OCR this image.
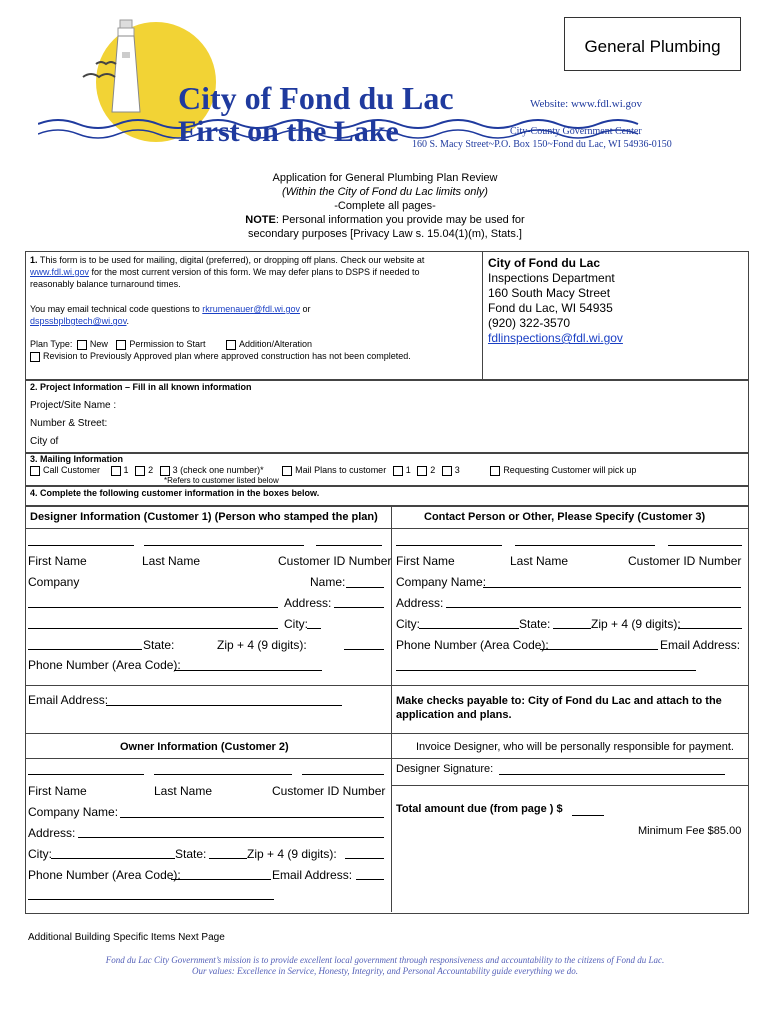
City of Fond du Lac
First on the Lake
Website: www.fdl.wi.gov
City-County Government Center
160 S. Macy Street~P.O. Box 150~Fond du Lac, WI 54936-0150
General Plumbing
Application for General Plumbing Plan Review
(Within the City of Fond du Lac limits only)
-Complete all pages-
NOTE: Personal information you provide may be used for
secondary purposes [Privacy Law s. 15.04(1)(m), Stats.]
1. This form is to be used for mailing, digital (preferred), or dropping off plans. Check our website at
www.fdl.wi.gov for the most current version of this form. We may defer plans to DSPS if needed to
reasonably balance turnaround times.
You may email technical code questions to rkrumenauer@fdl.wi.gov or
dspssbplbgtech@wi.gov.
Plan Type: New Permission to Start	Addition/Alteration
Revision to Previously Approved plan where approved construction has not been completed.
City of Fond du Lac
Inspections Department
160 South Macy Street
Fond du Lac, WI 54935
(920) 322-3570
fdlinspections@fdl.wi.gov
2. Project Information – Fill in all known information
Project/Site Name :
Number & Street:
City of
3. Mailing Information
Call Customer	1 2 3 (check one number)*	Mail Plans to customer 1 2 3	Requesting Customer will pick up
*Refers to customer listed below
4. Complete the following customer information in the boxes below.
Designer Information (Customer 1) (Person who stamped the plan)
First Name	Last Name	Customer ID Number
Company	Name:
Address:
City:
State:	Zip + 4 (9 digits):
Phone Number (Area Code):
Email Address:
Contact Person or Other, Please Specify (Customer 3)
First Name	Last Name	Customer ID Number
Company Name:
Address:
City:	State:	Zip + 4 (9 digits):
Phone Number (Area Code):	Email Address:
Make checks payable to: City of Fond du Lac and attach to the
application and plans.
Owner Information (Customer 2)
First Name	Last Name	Customer ID Number
Company Name:
Address:
City:	State:	Zip + 4 (9 digits):
Phone Number (Area Code):	Email Address:
Invoice Designer, who will be personally responsible for payment.
Designer Signature:
Total amount due (from page ) $
Minimum Fee $85.00
Additional Building Specific Items Next Page
Fond du Lac City Government’s mission is to provide excellent local government through responsiveness and accountability to the citizens of Fond du Lac.
Our values: Excellence in Service, Honesty, Integrity, and Personal Accountability guide everything we do.
